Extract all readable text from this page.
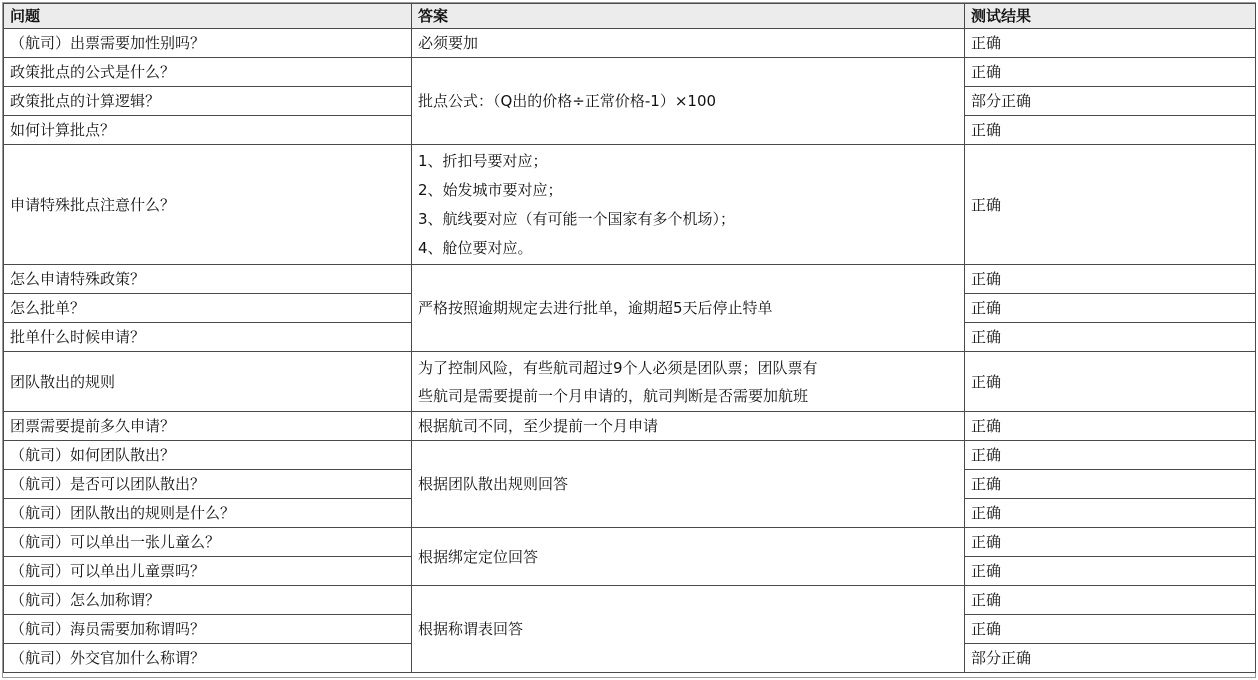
问题	答案	测试结果
（航司）出票需要加性别吗？	必须要加	正确
政策批点的公式是什么？	批点公式：（Q出的价格÷正常价格-1）×100	正确
政策批点的计算逻辑？		部分正确
如何计算批点？		正确
申请特殊批点注意什么？	1、折扣号要对应；
2、始发城市要对应；
3、航线要对应（有可能一个国家有多个机场）；
4、舱位要对应。	正确
怎么申请特殊政策？	严格按照逾期规定去进行批单，逾期超5天后停止特单	正确
怎么批单？		正确
批单什么时候申请？		正确
团队散出的规则	为了控制风险，有些航司超过9个人必须是团队票；团队票有
些航司是需要提前一个月申请的，航司判断是否需要加航班	正确
团票需要提前多久申请？	根据航司不同，至少提前一个月申请	正确
（航司）如何团队散出？	根据团队散出规则回答	正确
（航司）是否可以团队散出？		正确
（航司）团队散出的规则是什么？		正确
（航司）可以单出一张儿童么？	根据绑定定位回答	正确
（航司）可以单出儿童票吗？		正确
（航司）怎么加称谓？	根据称谓表回答	正确
（航司）海员需要加称谓吗？		正确
（航司）外交官加什么称谓？		部分正确
